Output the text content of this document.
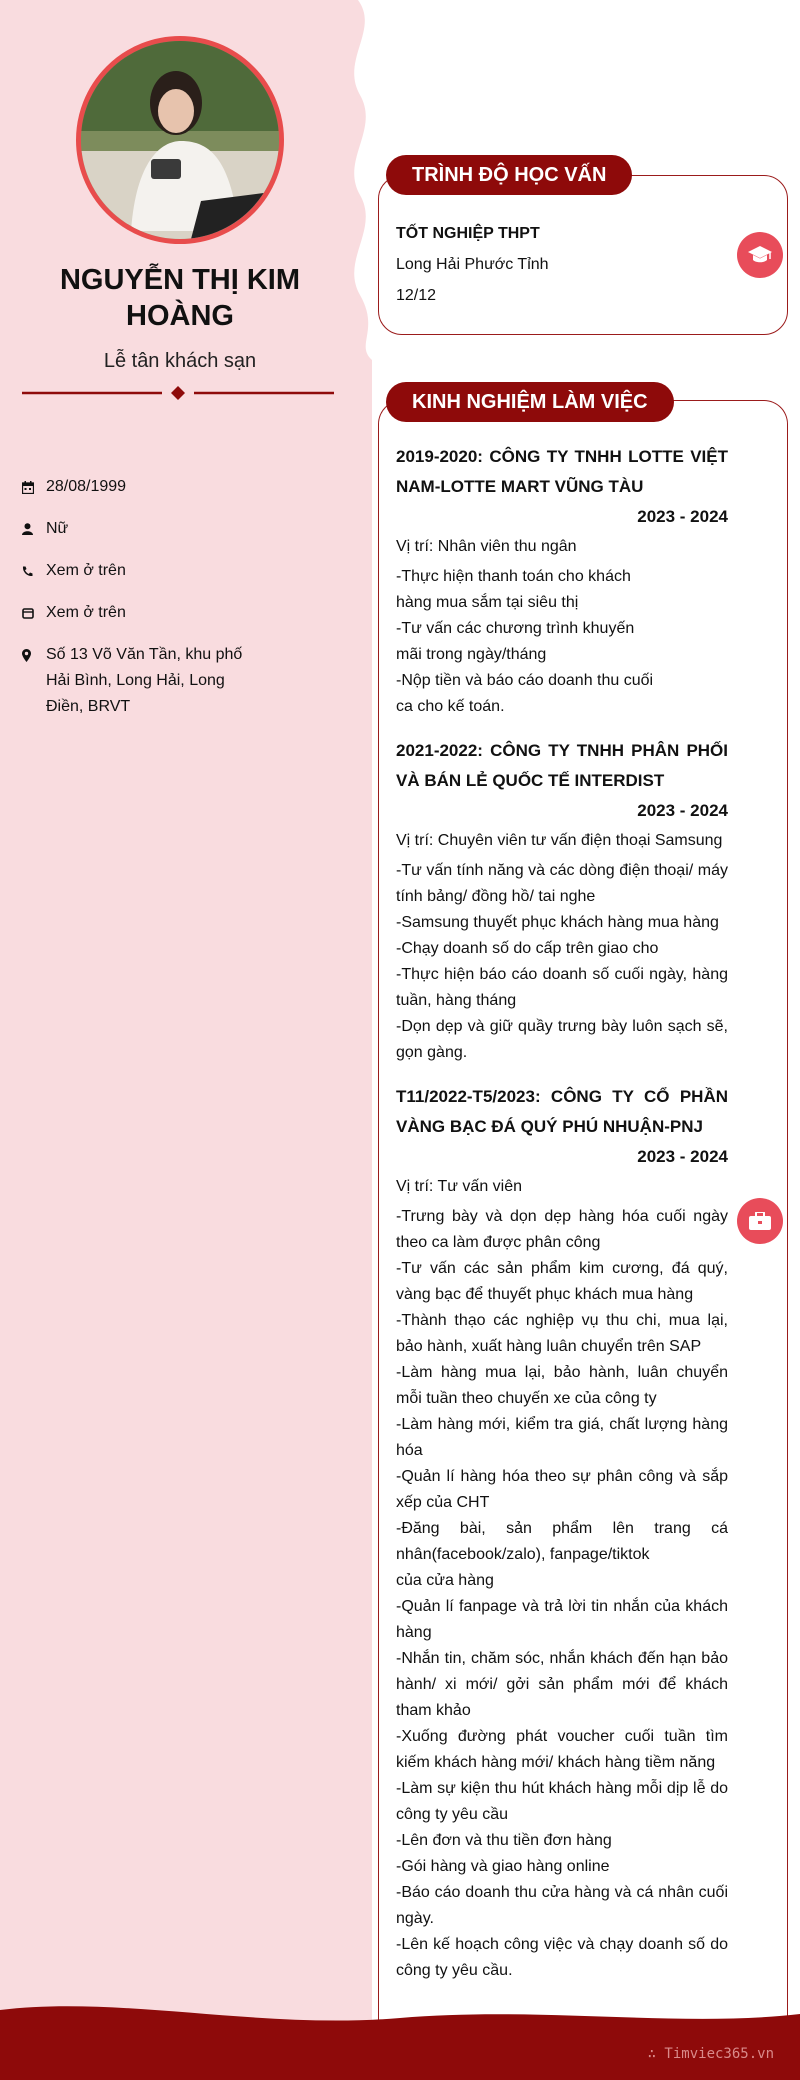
NGUYỄN THỊ KIM HOÀNG
Lễ tân khách sạn
28/08/1999
Nữ
Xem ở trên
Xem ở trên
Số 13 Võ Văn Tần, khu phố Hải Bình, Long Hải, Long Điền, BRVT
TRÌNH ĐỘ HỌC VẤN
TỐT NGHIỆP THPT
Long Hải Phước Tỉnh
12/12
KINH NGHIỆM LÀM VIỆC
2019-2020: CÔNG TY TNHH LOTTE VIỆT NAM-LOTTE MART VŨNG TÀU
2023 - 2024
Vị trí: Nhân viên thu ngân
-Thực hiện thanh toán cho khách hàng mua sắm tại siêu thị
-Tư vấn các chương trình khuyến mãi trong ngày/tháng
-Nộp tiền và báo cáo doanh thu cuối ca cho kế toán.
2021-2022: CÔNG TY TNHH PHÂN PHỐI VÀ BÁN LẺ QUỐC TẾ INTERDIST
2023 - 2024
Vị trí: Chuyên viên tư vấn điện thoại Samsung
-Tư vấn tính năng và các dòng điện thoại/ máy tính bảng/ đồng hồ/ tai nghe
-Samsung thuyết phục khách hàng mua hàng
-Chạy doanh số do cấp trên giao cho
-Thực hiện báo cáo doanh số cuối ngày, hàng tuần, hàng tháng
-Dọn dẹp và giữ quầy trưng bày luôn sạch sẽ, gọn gàng.
T11/2022-T5/2023: CÔNG TY CỔ PHẦN VÀNG BẠC ĐÁ QUÝ PHÚ NHUẬN-PNJ
2023 - 2024
Vị trí: Tư vấn viên
-Trưng bày và dọn dẹp hàng hóa cuối ngày theo ca làm được phân công
-Tư vấn các sản phẩm kim cương, đá quý, vàng bạc để thuyết phục khách mua hàng
-Thành thạo các nghiệp vụ thu chi, mua lại, bảo hành, xuất hàng luân chuyển trên SAP
-Làm hàng mua lại, bảo hành, luân chuyển mỗi tuần theo chuyến xe của công ty
-Làm hàng mới, kiểm tra giá, chất lượng hàng hóa
-Quản lí hàng hóa theo sự phân công và sắp xếp của CHT
-Đăng bài, sản phẩm lên trang cá nhân(facebook/zalo), fanpage/tiktok
của cửa hàng
-Quản lí fanpage và trả lời tin nhắn của khách hàng
-Nhắn tin, chăm sóc, nhắn khách đến hạn bảo hành/ xi mới/ gởi sản phẩm mới để khách tham khảo
-Xuống đường phát voucher cuối tuần tìm kiếm khách hàng mới/ khách hàng tiềm năng
-Làm sự kiện thu hút khách hàng mỗi dịp lễ do công ty yêu cầu
-Lên đơn và thu tiền đơn hàng
-Gói hàng và giao hàng online
-Báo cáo doanh thu cửa hàng và cá nhân cuối ngày.
-Lên kế hoạch công việc và chạy doanh số do công ty yêu cầu.
∴ Timviec365.vn
